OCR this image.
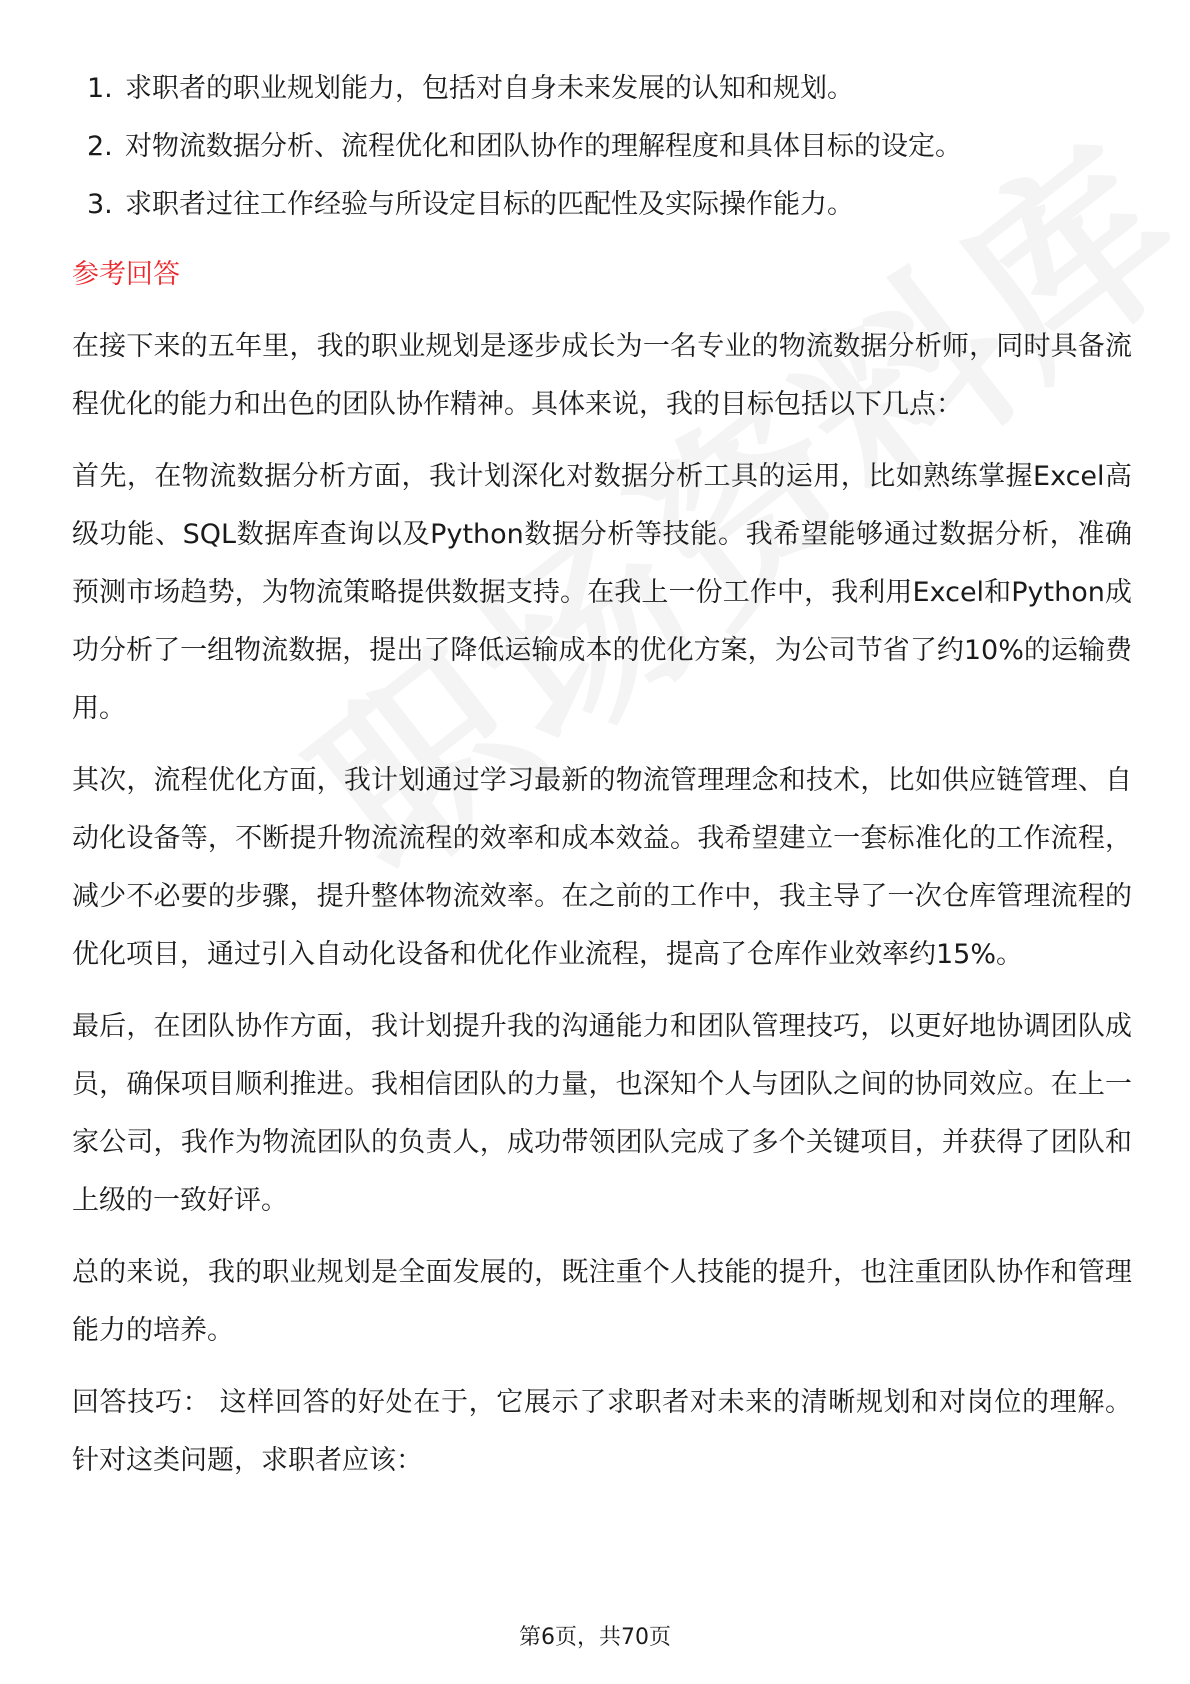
1. 求职者的职业规划能力，包括对自身未来发展的认知和规划。
2. 对物流数据分析、流程优化和团队协作的理解程度和具体目标的设定。
3. 求职者过往工作经验与所设定目标的匹配性及实际操作能力。
参考回答

在接下来的五年里，我的职业规划是逐步成长为一名专业的物流数据分析师，同时具备流程优化的能力和出色的团队协作精神。具体来说，我的目标包括以下几点：

首先，在物流数据分析方面，我计划深化对数据分析工具的运用，比如熟练掌握Excel高级功能、SQL数据库查询以及Python数据分析等技能。我希望能够通过数据分析，准确预测市场趋势，为物流策略提供数据支持。在我上一份工作中，我利用Excel和Python成功分析了一组物流数据，提出了降低运输成本的优化方案，为公司节省了约10%的运输费用。

其次，流程优化方面，我计划通过学习最新的物流管理理念和技术，比如供应链管理、自动化设备等，不断提升物流流程的效率和成本效益。我希望建立一套标准化的工作流程，减少不必要的步骤，提升整体物流效率。在之前的工作中，我主导了一次仓库管理流程的优化项目，通过引入自动化设备和优化作业流程，提高了仓库作业效率约15%。

最后，在团队协作方面，我计划提升我的沟通能力和团队管理技巧，以更好地协调团队成员，确保项目顺利推进。我相信团队的力量，也深知个人与团队之间的协同效应。在上一家公司，我作为物流团队的负责人，成功带领团队完成了多个关键项目，并获得了团队和上级的一致好评。

总的来说，我的职业规划是全面发展的，既注重个人技能的提升，也注重团队协作和管理能力的培养。

回答技巧： 这样回答的好处在于，它展示了求职者对未来的清晰规划和对岗位的理解。针对这类问题，求职者应该：

第6页，共70页
